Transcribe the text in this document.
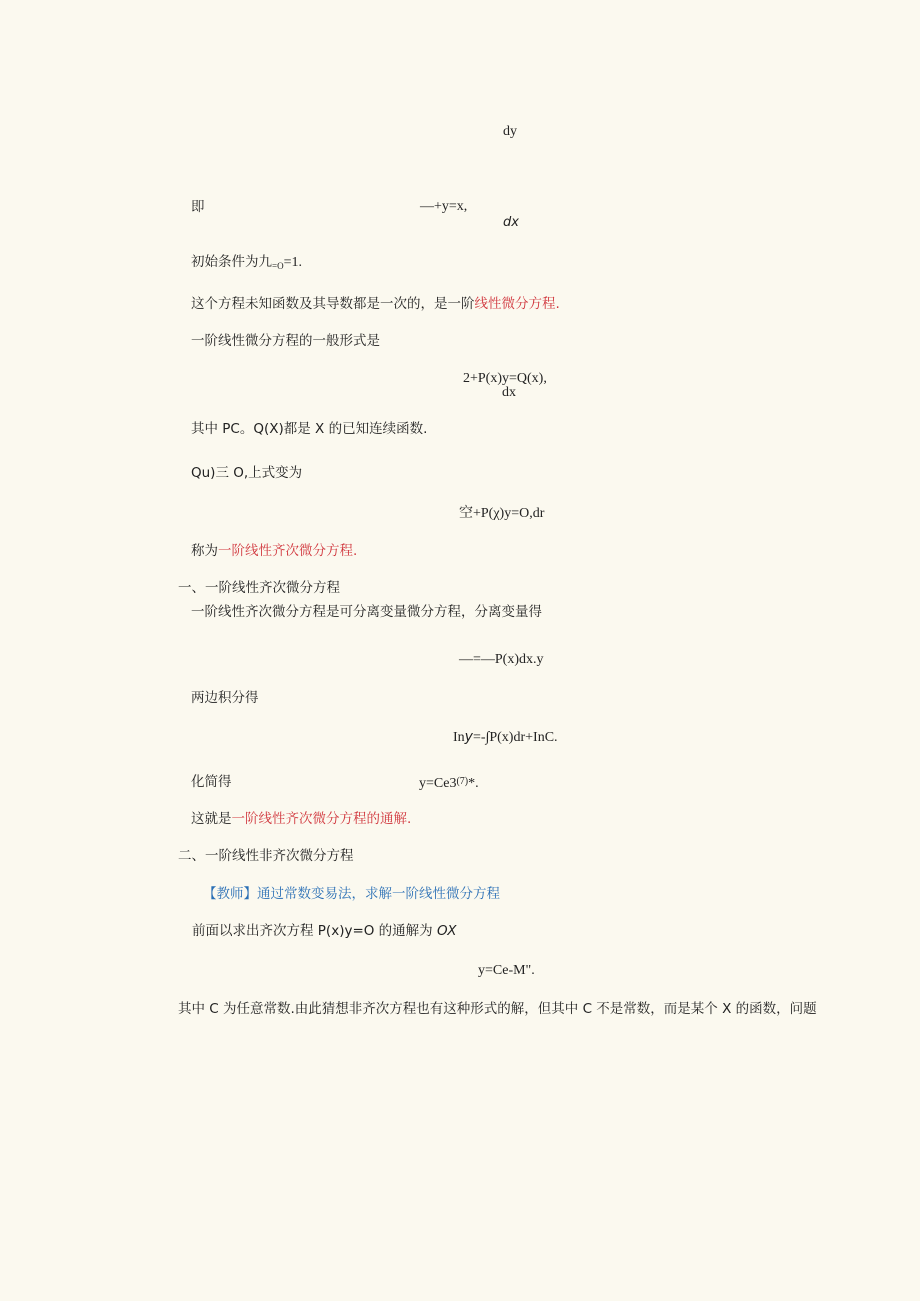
dy
即	—+y=x,
dx
初始条件为九$_{=O}$=1.
这个方程未知函数及其导数都是一次的，是一阶线性微分方程.
一阶线性微分方程的一般形式是
2+P(x)y=Q(x),
dx
其中 PC。Q(X)都是 X 的已知连续函数.
Qu)三 O,上式变为
空+P(χ)y=O,dr
称为一阶线性齐次微分方程.
一、一阶线性齐次微分方程
一阶线性齐次微分方程是可分离变量微分方程，分离变量得
—=—P(x)dx.y
两边积分得
Iny=-∫P(x)dr+InC.
化简得	$y=Ce3^{(7)}*$.
这就是一阶线性齐次微分方程的通解.
二、一阶线性非齐次微分方程
【教师】通过常数变易法，求解一阶线性微分方程
前面以求出齐次方程 P(x)y=O 的通解为 OX
y=Ce-M".
其中 C 为任意常数.由此猜想非齐次方程也有这种形式的解，但其中 C 不是常数，而是某个 X 的函数，问题
